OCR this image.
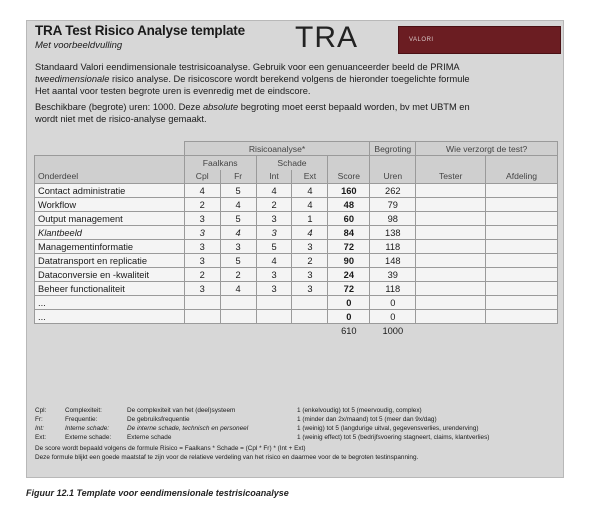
TRA Test Risico Analyse template
Met voorbeeldvulling	TRA	VALORI
Standaard Valori eendimensionale testrisicoanalyse. Gebruik voor een genuanceerder beeld de PRIMA
tweedimensionale risico analyse. De risicoscore wordt berekend volgens de hieronder toegelichte formule
Het aantal voor testen begrote uren is evenredig met de eindscore.
Beschikbare (begrote) uren: 1000. Deze absolute begroting moet eerst bepaald worden, bv met UBTM en
wordt niet met de risico-analyse gemaakt.
	Risicoanalyse*					Begroting	Wie verzorgt de test?	
	Faalkans		Schade					
Onderdeel	Cpl	Fr	Int	Ext	Score	Uren	Tester	Afdeling
Contact administratie	4	5	4	4	160	262		
Workflow	2	4	2	4	48	79		
Output management	3	5	3	1	60	98		
Klantbeeld	3	4	3	4	84	138		
Managementinformatie	3	3	5	3	72	118		
Datatransport en replicatie	3	5	4	2	90	148		
Dataconversie en -kwaliteit	2	2	3	3	24	39		
Beheer functionaliteit	3	4	3	3	72	118		
...					0	0		
...					0	0		
					610	1000		
Cpl:	Complexiteit:	De complexiteit van het (deel)systeem	1 (enkelvoudig) tot 5 (meervoudig, complex)
Fr:	Frequentie:	De gebruiksfrequentie	1 (minder dan 2x/maand) tot 5 (meer dan 9x/dag)
Int:	Interne schade:	De interne schade, technisch en personeel	1 (weinig) tot 5 (langdurige uitval, gegevensverlies, urenderving)
Ext:	Externe schade:	Externe schade	1 (weinig effect) tot 5 (bedrijfsvoering stagneert, claims, klantverlies)
De score wordt bepaald volgens de formule Risico = Faalkans * Schade = (Cpl * Fr) * (Int + Ext)
Deze formule blijkt een goede maatstaf te zijn voor de relatieve verdeling van het risico en daarmee voor de te begroten testinspanning.
Figuur 12.1 Template voor eendimensionale testrisicoanalyse
